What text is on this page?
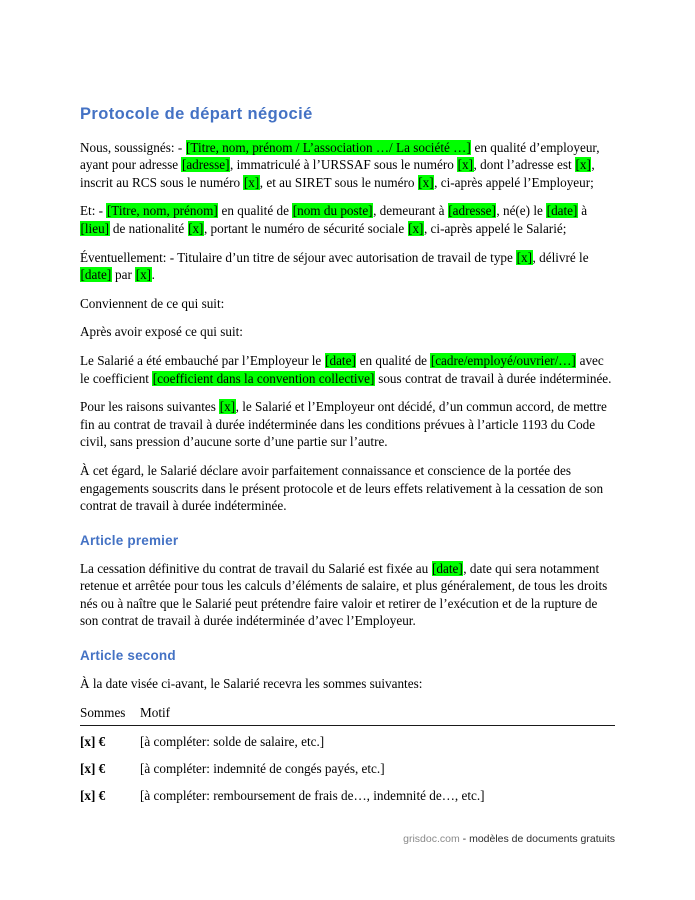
Protocole de départ négocié

Nous, soussignés: - [Titre, nom, prénom / L’association …/ La société …] en qualité d’employeur, ayant pour adresse [adresse], immatriculé à l’URSSAF sous le numéro [x], dont l’adresse est [x], inscrit au RCS sous le numéro [x], et au SIRET sous le numéro [x], ci-après appelé l’Employeur;

Et: - [Titre, nom, prénom] en qualité de [nom du poste], demeurant à [adresse], né(e) le [date] à [lieu] de nationalité [x], portant le numéro de sécurité sociale [x], ci-après appelé le Salarié;

Éventuellement: - Titulaire d’un titre de séjour avec autorisation de travail de type [x], délivré le [date] par [x].

Conviennent de ce qui suit:

Après avoir exposé ce qui suit:

Le Salarié a été embauché par l’Employeur le [date] en qualité de [cadre/employé/ouvrier/…] avec le coefficient [coefficient dans la convention collective] sous contrat de travail à durée indéterminée.

Pour les raisons suivantes [x], le Salarié et l’Employeur ont décidé, d’un commun accord, de mettre fin au contrat de travail à durée indéterminée dans les conditions prévues à l’article 1193 du Code civil, sans pression d’aucune sorte d’une partie sur l’autre.

À cet égard, le Salarié déclare avoir parfaitement connaissance et conscience de la portée des engagements souscrits dans le présent protocole et de leurs effets relativement à la cessation de son contrat de travail à durée indéterminée.

Article premier

La cessation définitive du contrat de travail du Salarié est fixée au [date], date qui sera notamment retenue et arrêtée pour tous les calculs d’éléments de salaire, et plus généralement, de tous les droits nés ou à naître que le Salarié peut prétendre faire valoir et retirer de l’exécution et de la rupture de son contrat de travail à durée indéterminée d’avec l’Employeur.

Article second

À la date visée ci-avant, le Salarié recevra les sommes suivantes:

Sommes	Motif
[x] €	[à compléter: solde de salaire, etc.]
[x] €	[à compléter: indemnité de congés payés, etc.]
[x] €	[à compléter: remboursement de frais de…, indemnité de…, etc.]
grisdoc.com - modèles de documents gratuits
